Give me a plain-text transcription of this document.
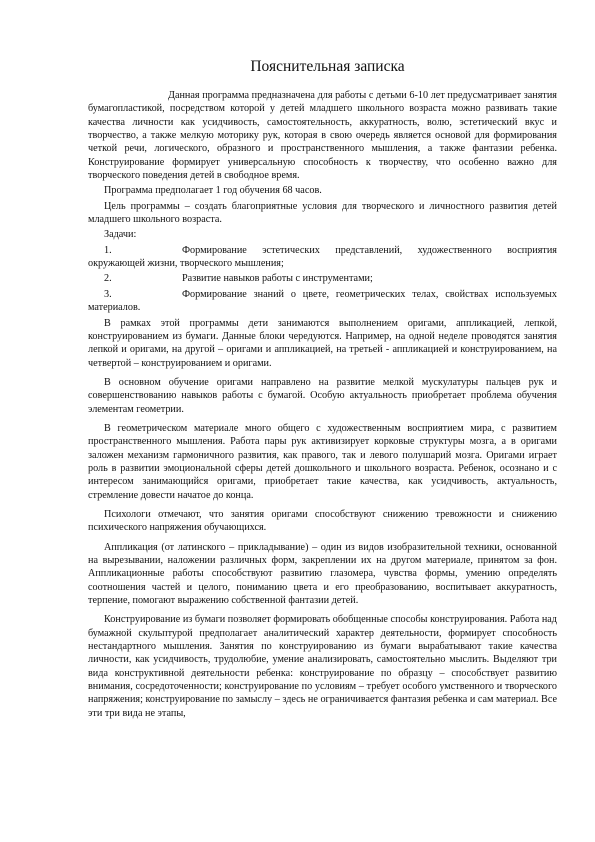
Пояснительная записка

Данная программа предназначена для работы с детьми 6-10 лет предусматривает занятия бумагопластикой, посредством которой у детей младшего школьного возраста можно развивать такие качества личности как усидчивость, самостоятельность, аккуратность, волю, эстетический вкус и творчество, а также мелкую моторику рук, которая в свою очередь является основой для формирования четкой речи, логического, образного и пространственного мышления, а также фантазии ребенка. Конструирование формирует универсальную способность к творчеству, что особенно важно для творческого поведения детей в свободное время.

Программа предполагает 1 год обучения 68 часов.

Цель программы – создать благоприятные условия для творческого и личностного развития детей младшего школьного возраста.

Задачи:

1.	Формирование эстетических представлений, художественного восприятия окружающей жизни, творческого мышления;

2.	Развитие навыков работы с инструментами;

3.	Формирование знаний о цвете, геометрических телах, свойствах используемых материалов.

В рамках этой программы дети занимаются выполнением оригами, аппликацией, лепкой, конструированием из бумаги. Данные блоки чередуются. Например, на одной неделе проводятся занятия лепкой и оригами, на другой – оригами и аппликацией, на третьей - аппликацией и конструированием, на четвертой – конструированием и оригами.

В основном обучение оригами направлено на развитие мелкой мускулатуры пальцев рук и совершенствованию навыков работы с бумагой. Особую актуальность приобретает проблема обучения элементам геометрии.

В геометрическом материале много общего с художественным восприятием мира, с развитием пространственного мышления. Работа пары рук активизирует корковые структуры мозга, а в оригами заложен механизм гармоничного развития, как правого, так и левого полушарий мозга. Оригами играет роль в развитии эмоциональной сферы детей дошкольного и школьного возраста. Ребенок, осознано и с интересом занимающийся оригами, приобретает такие качества, как усидчивость, актуальность, стремление довести начатое до конца.

Психологи отмечают, что занятия оригами способствуют снижению тревожности и снижению психического напряжения обучающихся.

Аппликация (от латинского – прикладывание) – один из видов изобразительной техники, основанной на вырезывании, наложении различных форм, закреплении их на другом материале, принятом за фон. Аппликационные работы способствуют развитию глазомера, чувства формы, умению определять соотношения частей и целого, пониманию цвета и его преобразованию, воспитывает аккуратность, терпение, помогают выражению собственной фантазии детей.

Конструирование из бумаги позволяет формировать обобщенные способы конструирования. Работа над бумажной скульптурой предполагает аналитический характер деятельности, формирует способность нестандартного мышления. Занятия по конструированию из бумаги вырабатывают такие качества личности, как усидчивость, трудолюбие, умение анализировать, самостоятельно мыслить. Выделяют три вида конструктивной деятельности ребенка: конструирование по образцу – способствует развитию внимания, сосредоточенности; конструирование по условиям – требует особого умственного и творческого напряжения; конструирование по замыслу – здесь не ограничивается фантазия ребенка и сам материал. Все эти три вида не этапы,
